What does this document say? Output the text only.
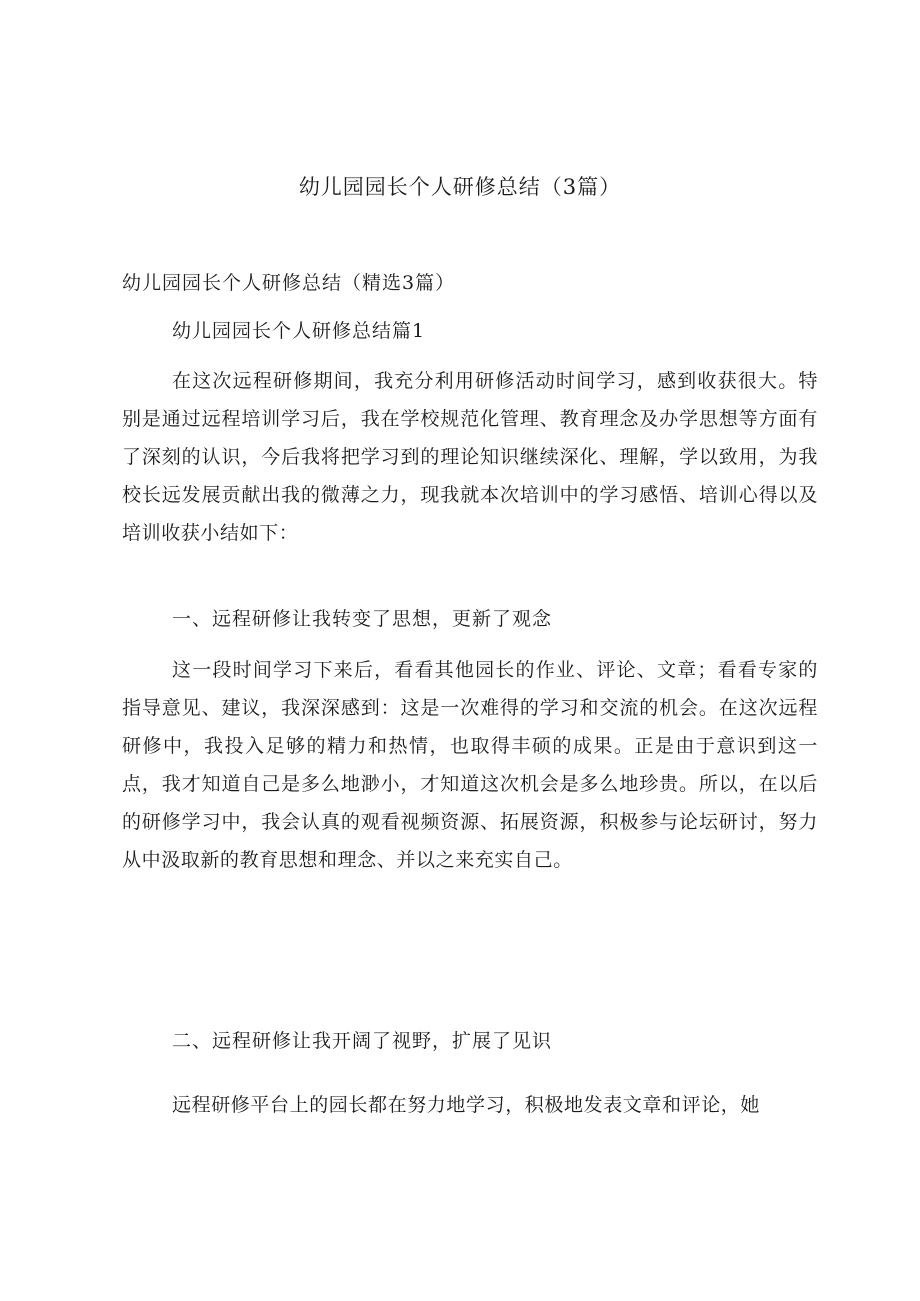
幼儿园园长个人研修总结（3篇）

幼儿园园长个人研修总结（精选3篇）

幼儿园园长个人研修总结篇1

在这次远程研修期间，我充分利用研修活动时间学习，感到收获很大。特别是通过远程培训学习后，我在学校规范化管理、教育理念及办学思想等方面有了深刻的认识，今后我将把学习到的理论知识继续深化、理解，学以致用，为我校长远发展贡献出我的微薄之力，现我就本次培训中的学习感悟、培训心得以及培训收获小结如下：

一、远程研修让我转变了思想，更新了观念

这一段时间学习下来后，看看其他园长的作业、评论、文章；看看专家的指导意见、建议，我深深感到：这是一次难得的学习和交流的机会。在这次远程研修中，我投入足够的精力和热情，也取得丰硕的成果。正是由于意识到这一点，我才知道自己是多么地渺小，才知道这次机会是多么地珍贵。所以，在以后的研修学习中，我会认真的观看视频资源、拓展资源，积极参与论坛研讨，努力从中汲取新的教育思想和理念、并以之来充实自己。

二、远程研修让我开阔了视野，扩展了见识

远程研修平台上的园长都在努力地学习，积极地发表文章和评论，她
